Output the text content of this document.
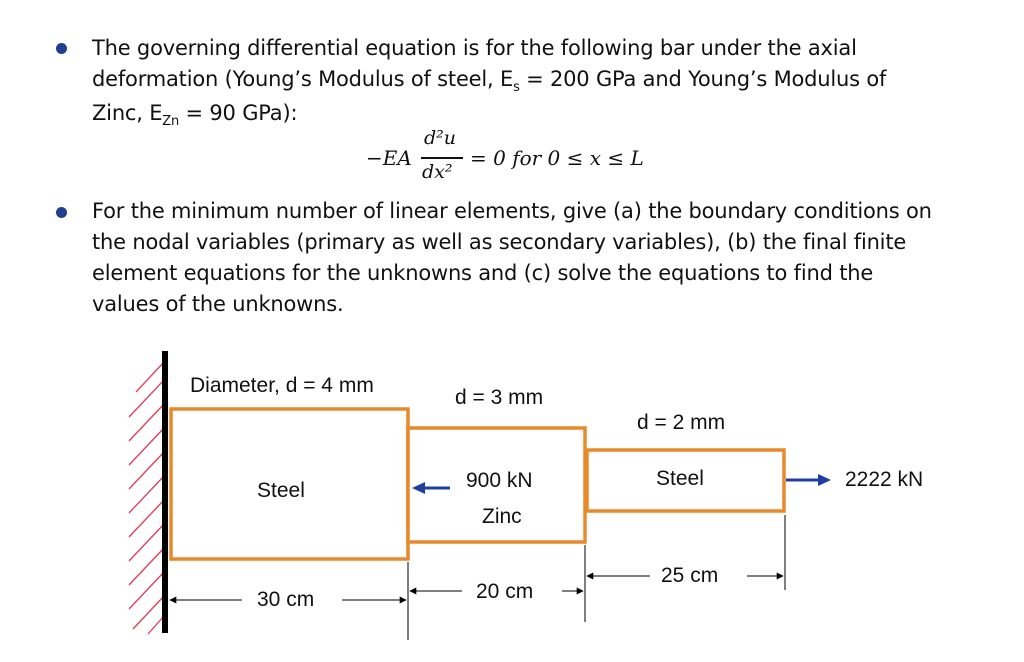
The governing differential equation is for the following bar under the axial
deformation (Young’s Modulus of steel, $E_s = 200$ GPa and Young’s Modulus of
Zinc, $E_{Zn} = 90$ GPa):
−EA
d²u
dx²
= 0 for 0 ≤ x ≤ L
For the minimum number of linear elements, give (a) the boundary conditions on
the nodal variables (primary as well as secondary variables), (b) the final finite
element equations for the unknowns and (c) solve the equations to find the
values of the unknowns.
Diameter, d = 4 mm
d = 3 mm
d = 2 mm
Steel
Zinc
Steel
900 kN	2222 kN
30 cm	20 cm
25 cm
